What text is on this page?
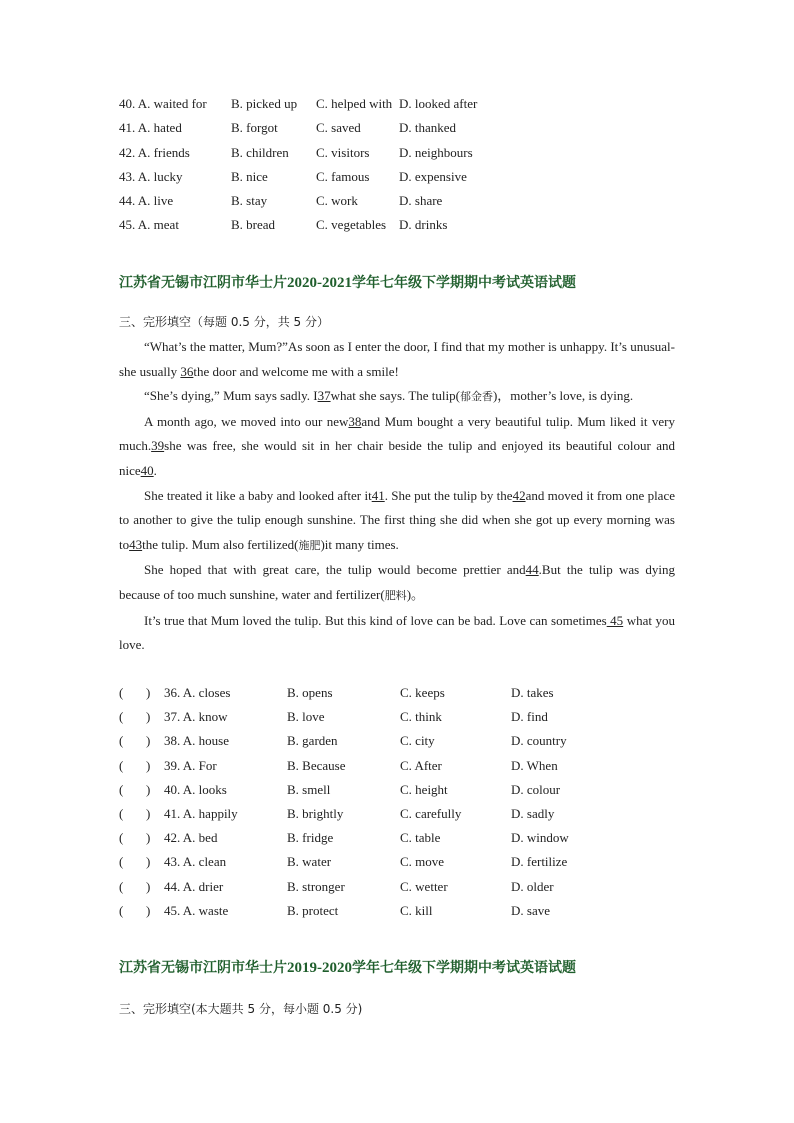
40. A. waited for B. picked up C. helped with D. looked after
41. A. hated	B. forgot	C. saved	D. thanked
42. A. friends	B. children C. visitors D. neighbours
43. A. lucky	B. nice	C. famous D. expensive
44. A. live	B. stay	C. work	D. share
45. A. meat	B. bread	C. vegetables D. drinks
江苏省无锡市江阴市华士片2020-2021学年七年级下学期期中考试英语试题
三、完形填空（每题 0.5 分，共 5 分）

“What’s the matter, Mum?”As soon as I enter the door, I find that my mother is unhappy. It’s unusual-she usually 36the door and welcome me with a smile!

“She’s dying,” Mum says sadly. I37what she says. The tulip(郁金香)，mother’s love, is dying.

A month ago, we moved into our new38and Mum bought a very beautiful tulip. Mum liked it very much.39she was free, she would sit in her chair beside the tulip and enjoyed its beautiful colour and nice40.

She treated it like a baby and looked after it41. She put the tulip by the42and moved it from one place to another to give the tulip enough sunshine. The first thing she did when she got up every morning was to43the tulip. Mum also fertilized(施肥)it many times.

She hoped that with great care, the tulip would become prettier and44.But the tulip was dying because of too much sunshine, water and fertilizer(肥料)。

It’s true that Mum loved the tulip. But this kind of love can be bad. Love can sometimes 45 what you love.

( ) 36. A. closes	B. opens	C. keeps	D. takes
( ) 37. A. know	B. love	C. think	D. find
( ) 38. A. house	B. garden	C. city	D. country
( ) 39. A. For	B. Because	C. After	D. When
( ) 40. A. looks	B. smell	C. height	D. colour
( ) 41. A. happily	B. brightly	C. carefully	D. sadly
( ) 42. A. bed	B. fridge	C. table	D. window
( ) 43. A. clean	B. water	C. move	D. fertilize
( ) 44. A. drier	B. stronger	C. wetter	D. older
( ) 45. A. waste	B. protect	C. kill	D. save
江苏省无锡市江阴市华士片2019-2020学年七年级下学期期中考试英语试题
三、完形填空(本大题共 5 分，每小题 0.5 分)
